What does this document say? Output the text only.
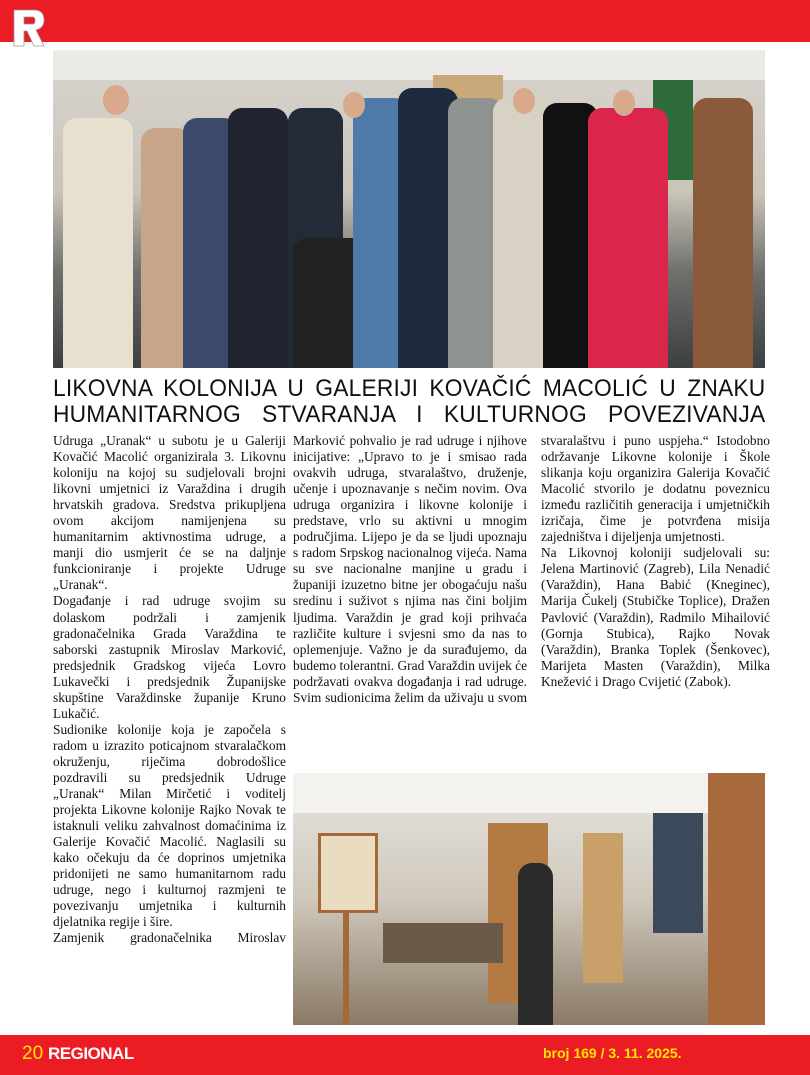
LIKOVNA KOLONIJA U GALERIJI KOVAČIĆ MACOLIĆ U ZNAKU
HUMANITARNOG STVARANJA I KULTURNOG POVEZIVANJA

Udruga „Uranak“ u subotu je u Galeriji Kovačić Macolić organizirala 3. Likovnu koloniju na kojoj su sudjelovali brojni likovni umjetnici iz Varaždina i drugih hrvatskih gradova. Sredstva prikupljena ovom akcijom namijenjena su humanitarnim aktivnostima udruge, a manji dio usmjerit će se na daljnje funkcioniranje i projekte Udruge „Uranak“.

Događanje i rad udruge svojim su dolaskom podržali i zamjenik gradonačelnika Grada Varaždina te saborski zastupnik Miroslav Marković, predsjednik Gradskog vijeća Lovro Lukavečki i predsjednik Županijske skupštine Varaždinske županije Kruno Lukačić.

Sudionike kolonije koja je započela s radom u izrazito poticajnom stvaralačkom okruženju, riječima dobrodošlice pozdravili su predsjednik Udruge „Uranak“ Milan Mirčetić i voditelj projekta Likovne kolonije Rajko Novak te istaknuli veliku zahvalnost domaćinima iz Galerije Kovačić Macolić. Naglasili su kako očekuju da će doprinos umjetnika pridonijeti ne samo humanitarnom radu udruge, nego i kulturnoj razmjeni te povezivanju umjetnika i kulturnih djelatnika regije i šire.

Zamjenik gradonačelnika Miroslav

Marković pohvalio je rad udruge i njihove inicijative: „Upravo to je i smisao rada ovakvih udruga, stvaralaštvo, druženje, učenje i upoznavanje s nečim novim. Ova udruga organizira i likovne kolonije i predstave, vrlo su aktivni u mnogim područjima. Lijepo je da se ljudi upoznaju s radom Srpskog nacionalnog vijeća. Nama su sve nacionalne manjine u gradu i županiji izuzetno bitne jer obogaćuju našu sredinu i suživot s njima nas čini boljim ljudima. Varaždin je grad koji prihvaća različite kulture i svjesni smo da nas to oplemenjuje. Važno je da surađujemo, da budemo tolerantni. Grad Varaždin uvijek će podržavati ovakva događanja i rad udruge. Svim sudionicima želim da uživaju u svom

stvaralaštvu i puno uspjeha.“ Istodobno održavanje Likovne kolonije i Škole slikanja koju organizira Galerija Kovačić Macolić stvorilo je dodatnu poveznicu između različitih generacija i umjetničkih izričaja, čime je potvrđena misija zajedništva i dijeljenja umjetnosti.

Na Likovnoj koloniji sudjelovali su: Jelena Martinović (Zagreb), Lila Nenadić (Varaždin), Hana Babić (Kneginec), Marija Čukelj (Stubičke Toplice), Dražen Pavlović (Varaždin), Radmilo Mihailović (Gornja Stubica), Rajko Novak (Varaždin), Branka Toplek (Šenkovec), Marijeta Masten (Varaždin), Milka Knežević i Drago Cvijetić (Zabok).

20 REGIONAL	broj 169 / 3. 11. 2025.
